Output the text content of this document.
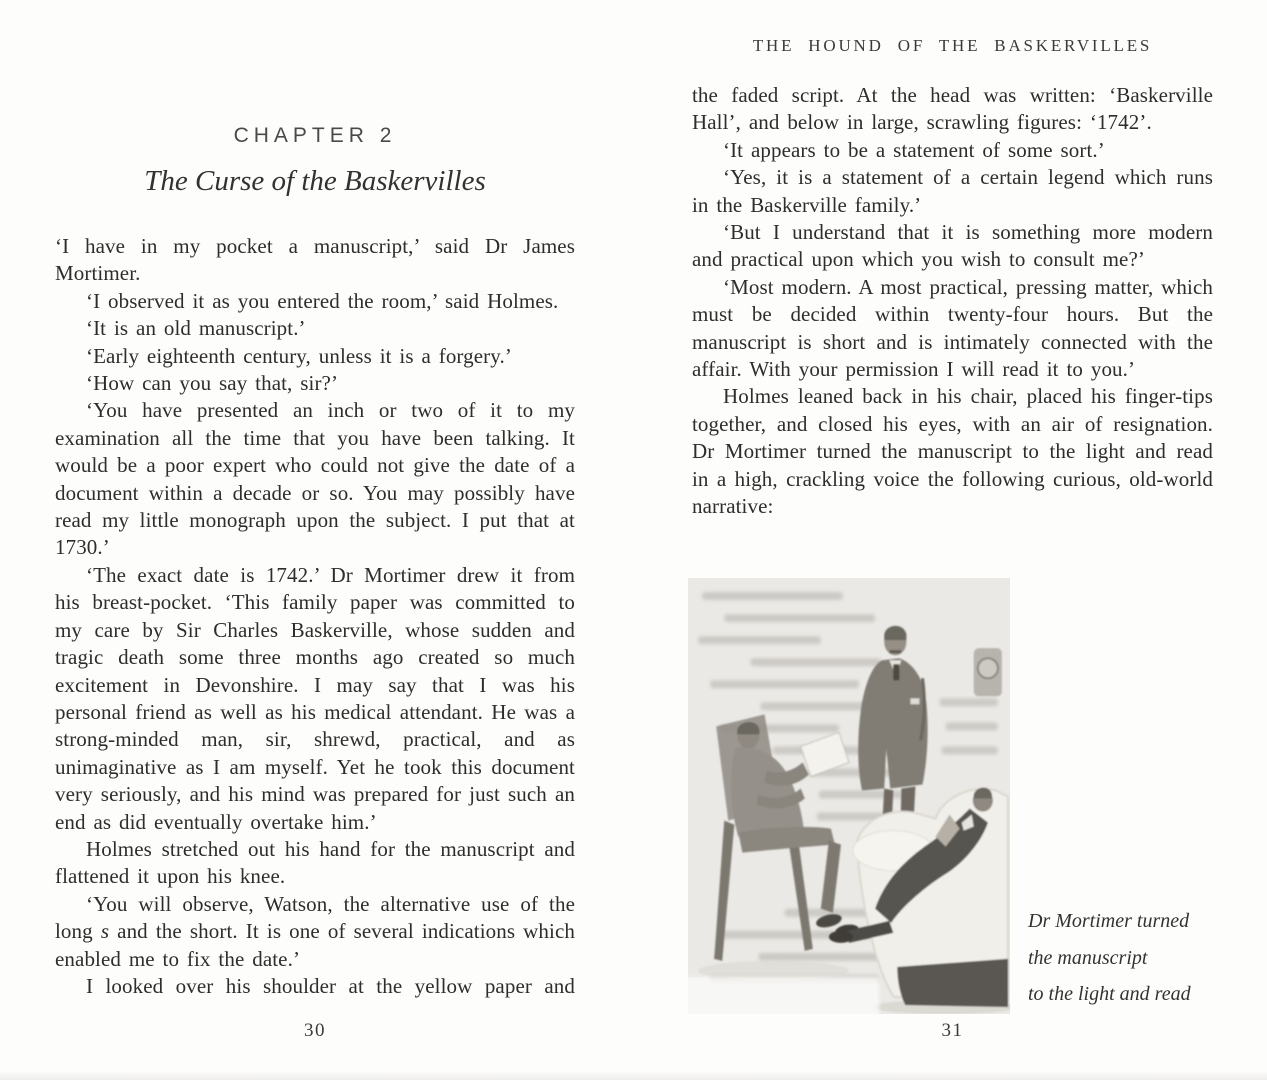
CHAPTER 2
The Curse of the Baskervilles

‘I have in my pocket a manuscript,’ said Dr James Mortimer.

‘I observed it as you entered the room,’ said Holmes.

‘It is an old manuscript.’

‘Early eighteenth century, unless it is a forgery.’

‘How can you say that, sir?’

‘You have presented an inch or two of it to my examination all the time that you have been talking. It would be a poor expert who could not give the date of a document within a decade or so. You may possibly have read my little monograph upon the subject. I put that at 1730.’

‘The exact date is 1742.’ Dr Mortimer drew it from his breast-pocket. ‘This family paper was committed to my care by Sir Charles Baskerville, whose sudden and tragic death some three months ago created so much excitement in Devonshire. I may say that I was his personal friend as well as his medical attendant. He was a strong-minded man, sir, shrewd, practical, and as unimaginative as I am myself. Yet he took this document very seriously, and his mind was prepared for just such an end as did eventually overtake him.’

Holmes stretched out his hand for the manuscript and flattened it upon his knee.

‘You will observe, Watson, the alternative use of the long s and the short. It is one of several indications which enabled me to fix the date.’

I looked over his shoulder at the yellow paper and

30
THE HOUND OF THE BASKERVILLES

the faded script. At the head was written: ‘Baskerville Hall’, and below in large, scrawling figures: ‘1742’.

‘It appears to be a statement of some sort.’

‘Yes, it is a statement of a certain legend which runs in the Baskerville family.’

‘But I understand that it is something more modern and practical upon which you wish to consult me?’

‘Most modern. A most practical, pressing matter, which must be decided within twenty-four hours. But the manuscript is short and is intimately connected with the affair. With your permission I will read it to you.’

Holmes leaned back in his chair, placed his finger-tips together, and closed his eyes, with an air of resignation. Dr Mortimer turned the manuscript to the light and read in a high, crackling voice the following curious, old-world narrative:

Dr Mortimer turned
the manuscript
to the light and read
31
